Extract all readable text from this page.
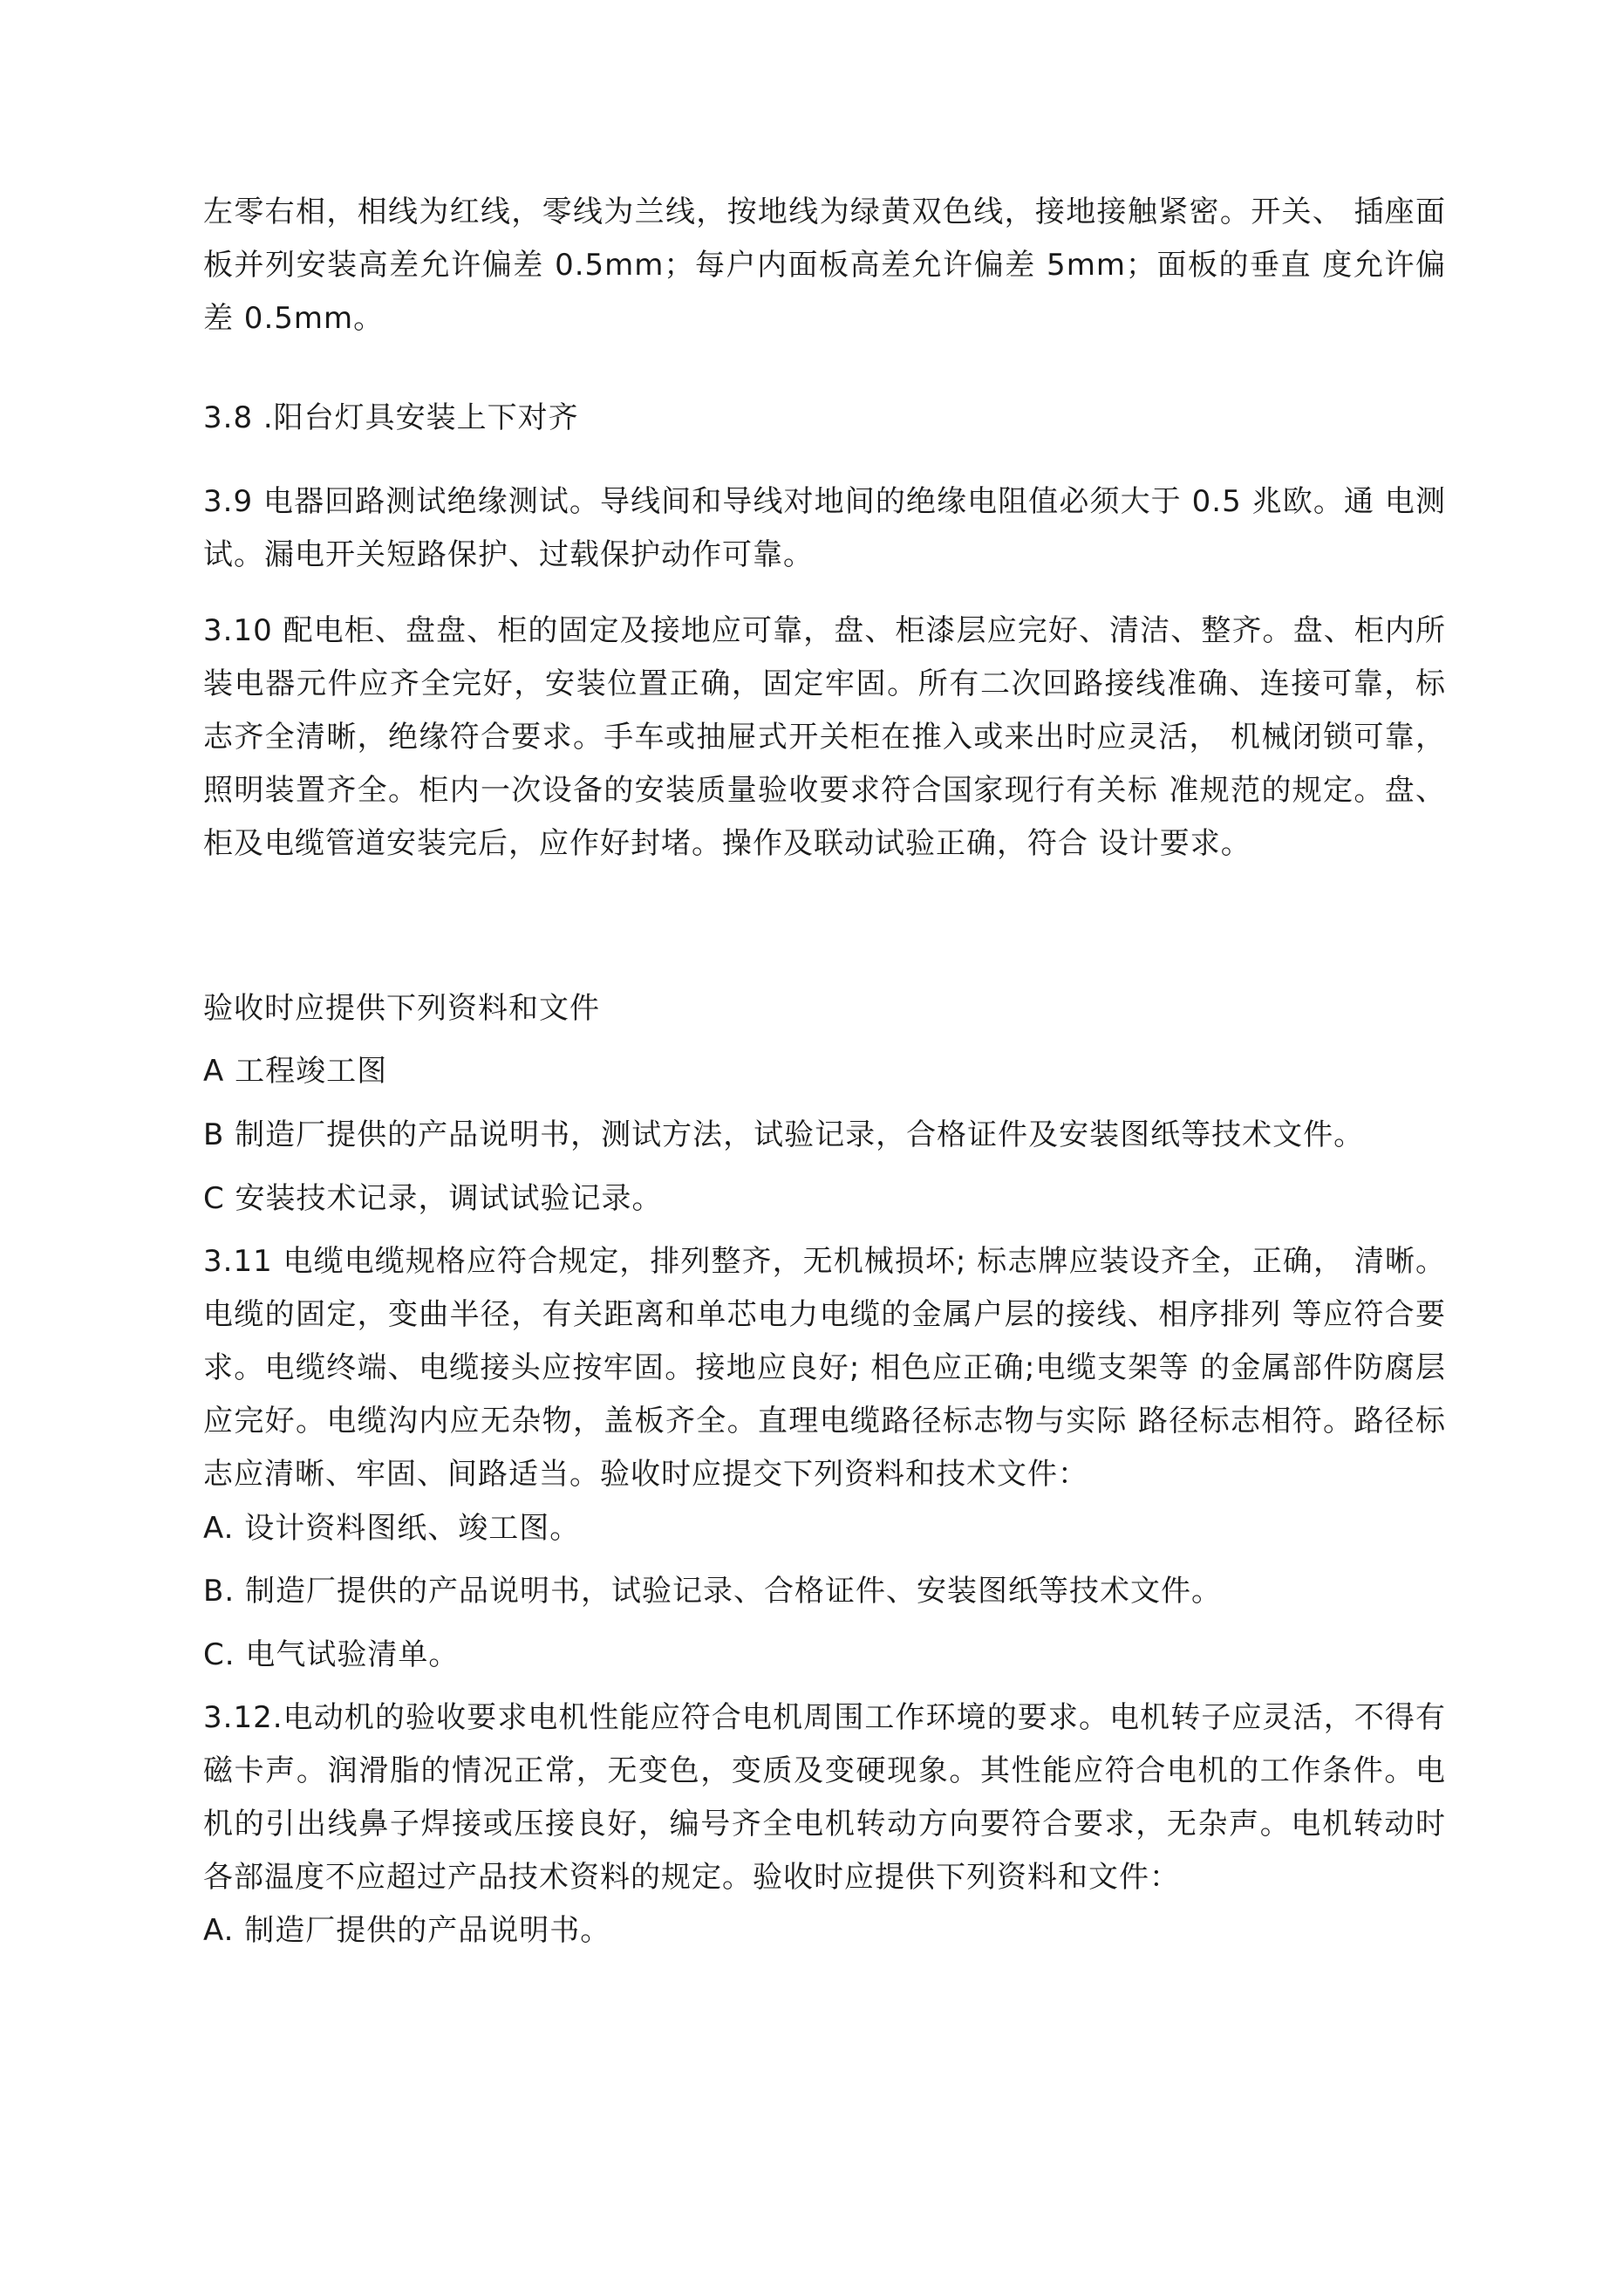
左零右相，相线为红线，零线为兰线，按地线为绿黄双色线，接地接触紧密。开关、 插座面板并列安装高差允许偏差 0.5mm；每户内面板高差允许偏差 5mm；面板的垂直 度允许偏差 0.5mm。

3.8 .阳台灯具安装上下对齐

3.9 电器回路测试绝缘测试。导线间和导线对地间的绝缘电阻值必须大于 0.5 兆欧。通 电测试。漏电开关短路保护、过载保护动作可靠。

3.10 配电柜、盘盘、柜的固定及接地应可靠，盘、柜漆层应完好、清洁、整齐。盘、柜内所装电器元件应齐全完好，安装位置正确，固定牢固。所有二次回路接线准确、连接可靠，标志齐全清晰，绝缘符合要求。手车或抽屉式开关柜在推入或来出时应灵活， 机械闭锁可靠，照明装置齐全。柜内一次设备的安装质量验收要求符合国家现行有关标 准规范的规定。盘、柜及电缆管道安装完后，应作好封堵。操作及联动试验正确，符合 设计要求。

验收时应提供下列资料和文件

A 工程竣工图

B 制造厂提供的产品说明书，测试方法，试验记录，合格证件及安装图纸等技术文件。

C 安装技术记录，调试试验记录。

3.11 电缆电缆规格应符合规定，排列整齐，无机械损坏; 标志牌应装设齐全，正确， 清晰。电缆的固定，变曲半径，有关距离和单芯电力电缆的金属户层的接线、相序排列 等应符合要求。电缆终端、电缆接头应按牢固。接地应良好; 相色应正确;电缆支架等 的金属部件防腐层应完好。电缆沟内应无杂物，盖板齐全。直理电缆路径标志物与实际 路径标志相符。路径标志应清晰、牢固、间路适当。验收时应提交下列资料和技术文件：

A. 设计资料图纸、竣工图。

B. 制造厂提供的产品说明书，试验记录、合格证件、安装图纸等技术文件。

C. 电气试验清单。

3.12.电动机的验收要求电机性能应符合电机周围工作环境的要求。电机转子应灵活，不得有磁卡声。润滑脂的情况正常，无变色，变质及变硬现象。其性能应符合电机的工作条件。电机的引出线鼻子焊接或压接良好，编号齐全电机转动方向要符合要求，无杂声。电机转动时各部温度不应超过产品技术资料的规定。验收时应提供下列资料和文件：

A. 制造厂提供的产品说明书。
